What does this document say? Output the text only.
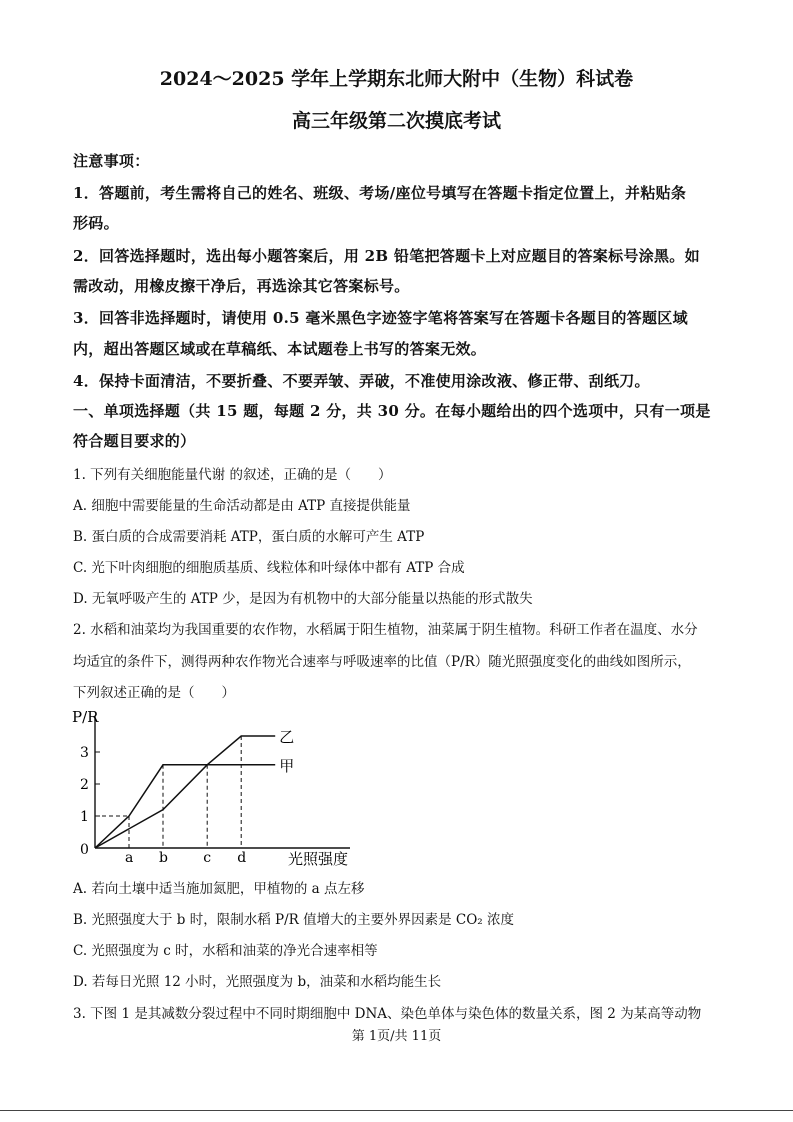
2024～2025 学年上学期东北师大附中（生物）科试卷
高三年级第二次摸底考试
注意事项：
1．答题前，考生需将自己的姓名、班级、考场/座位号填写在答题卡指定位置上，并粘贴条
形码。
2．回答选择题时，选出每小题答案后，用 2B 铅笔把答题卡上对应题目的答案标号涂黑。如
需改动，用橡皮擦干净后，再选涂其它答案标号。
3．回答非选择题时，请使用 0.5 毫米黑色字迹签字笔将答案写在答题卡各题目的答题区域
内，超出答题区域或在草稿纸、本试题卷上书写的答案无效。
4．保持卡面清洁，不要折叠、不要弄皱、弄破，不准使用涂改液、修正带、刮纸刀。
一、单项选择题（共 15 题，每题 2 分，共 30 分。在每小题给出的四个选项中，只有一项是
符合题目要求的）
1. 下列有关细胞能量代谢 的叙述，正确的是（　　）
A. 细胞中需要能量的生命活动都是由 ATP 直接提供能量
B. 蛋白质的合成需要消耗 ATP，蛋白质的水解可产生 ATP
C. 光下叶肉细胞的细胞质基质、线粒体和叶绿体中都有 ATP 合成
D. 无氧呼吸产生的 ATP 少，是因为有机物中的大部分能量以热能的形式散失
2. 水稻和油菜均为我国重要的农作物，水稻属于阳生植物，油菜属于阴生植物。科研工作者在温度、水分
均适宜的条件下，测得两种农作物光合速率与呼吸速率的比值（P/R）随光照强度变化的曲线如图所示，
下列叙述正确的是（　　）
P/R
光照强度
0
1
2
3
a b	c d
甲
乙
A. 若向土壤中适当施加氮肥，甲植物的 a 点左移
B. 光照强度大于 b 时，限制水稻 P/R 值增大的主要外界因素是 CO₂ 浓度
C. 光照强度为 c 时，水稻和油菜的净光合速率相等
D. 若每日光照 12 小时，光照强度为 b，油菜和水稻均能生长
3. 下图 1 是其减数分裂过程中不同时期细胞中 DNA、染色单体与染色体的数量关系，图 2 为某高等动物
第 1页/共 11页
